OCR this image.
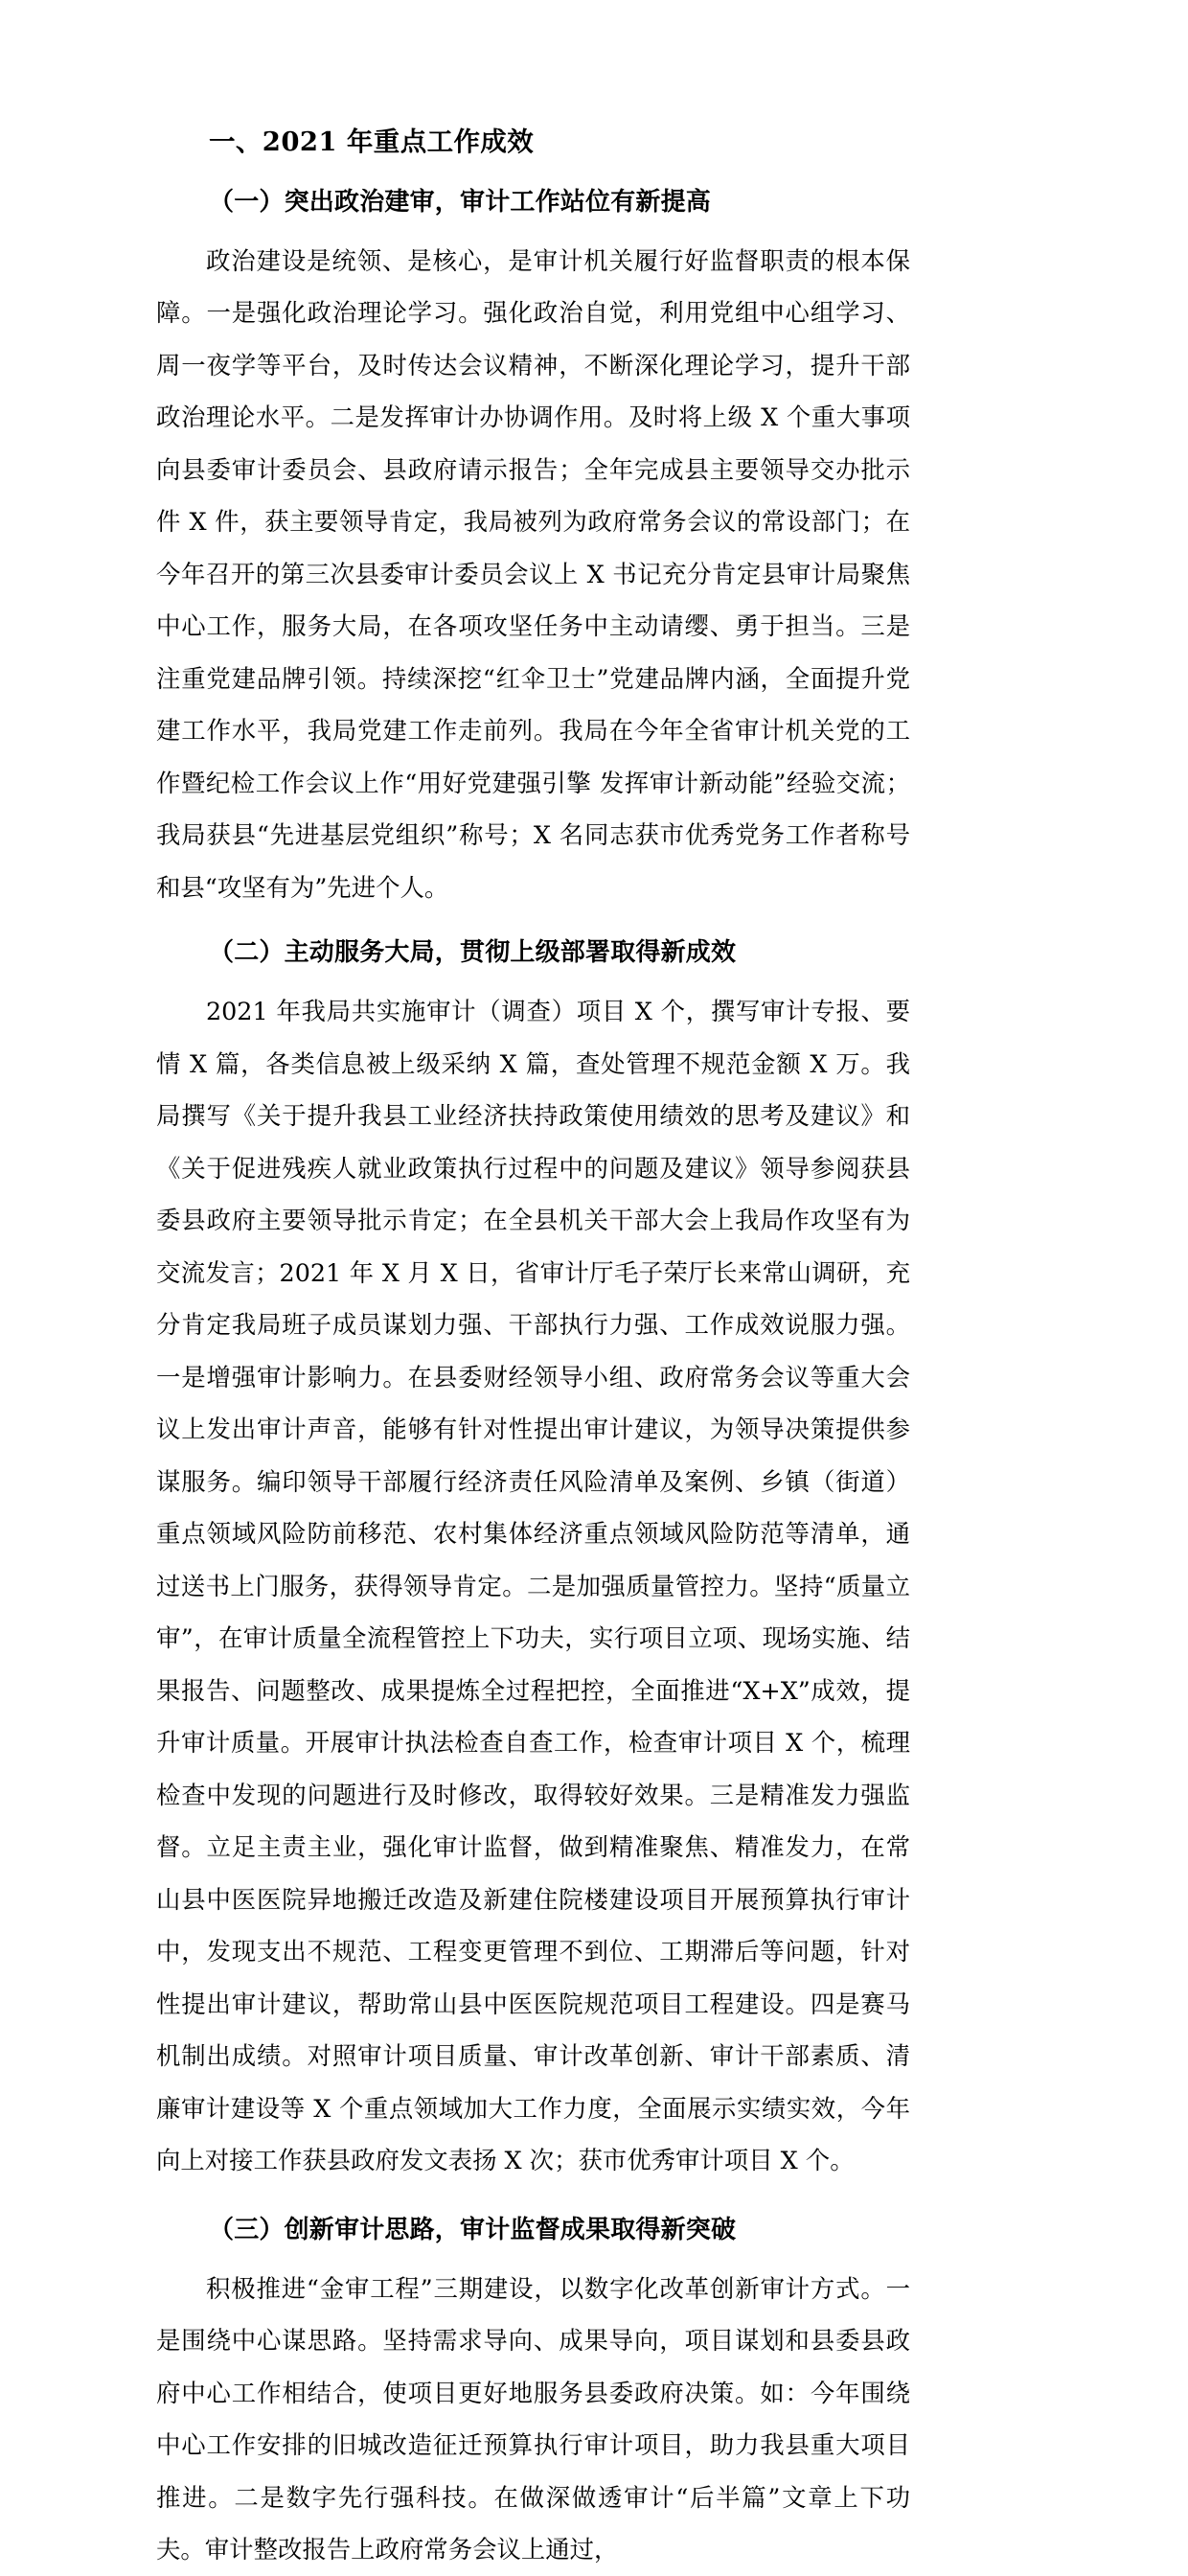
一、2021 年重点工作成效
（一）突出政治建审，审计工作站位有新提高

政治建设是统领、是核心，是审计机关履行好监督职责的根本保障。一是强化政治理论学习。强化政治自觉，利用党组中心组学习、周一夜学等平台，及时传达会议精神，不断深化理论学习，提升干部政治理论水平。二是发挥审计办协调作用。及时将上级 X 个重大事项向县委审计委员会、县政府请示报告；全年完成县主要领导交办批示件 X 件，获主要领导肯定，我局被列为政府常务会议的常设部门；在今年召开的第三次县委审计委员会议上 X 书记充分肯定县审计局聚焦中心工作，服务大局，在各项攻坚任务中主动请缨、勇于担当。三是注重党建品牌引领。持续深挖“红伞卫士”党建品牌内涵，全面提升党建工作水平，我局党建工作走前列。我局在今年全省审计机关党的工作暨纪检工作会议上作“用好党建强引擎 发挥审计新动能”经验交流；我局获县“先进基层党组织”称号；X 名同志获市优秀党务工作者称号和县“攻坚有为”先进个人。

（二）主动服务大局，贯彻上级部署取得新成效

2021 年我局共实施审计（调查）项目 X 个，撰写审计专报、要情 X 篇，各类信息被上级采纳 X 篇，查处管理不规范金额 X 万。我局撰写《关于提升我县工业经济扶持政策使用绩效的思考及建议》和《关于促进残疾人就业政策执行过程中的问题及建议》领导参阅获县委县政府主要领导批示肯定；在全县机关干部大会上我局作攻坚有为交流发言；2021 年 X 月 X 日，省审计厅毛子荣厅长来常山调研，充分肯定我局班子成员谋划力强、干部执行力强、工作成效说服力强。一是增强审计影响力。在县委财经领导小组、政府常务会议等重大会议上发出审计声音，能够有针对性提出审计建议，为领导决策提供参谋服务。编印领导干部履行经济责任风险清单及案例、乡镇（街道）重点领域风险防前移范、农村集体经济重点领域风险防范等清单，通过送书上门服务，获得领导肯定。二是加强质量管控力。坚持“质量立审”，在审计质量全流程管控上下功夫，实行项目立项、现场实施、结果报告、问题整改、成果提炼全过程把控，全面推进“X+X”成效，提升审计质量。开展审计执法检查自查工作，检查审计项目 X 个，梳理检查中发现的问题进行及时修改，取得较好效果。三是精准发力强监督。立足主责主业，强化审计监督，做到精准聚焦、精准发力，在常山县中医医院异地搬迁改造及新建住院楼建设项目开展预算执行审计中，发现支出不规范、工程变更管理不到位、工期滞后等问题，针对性提出审计建议，帮助常山县中医医院规范项目工程建设。四是赛马机制出成绩。对照审计项目质量、审计改革创新、审计干部素质、清廉审计建设等 X 个重点领域加大工作力度，全面展示实绩实效，今年向上对接工作获县政府发文表扬 X 次；获市优秀审计项目 X 个。

（三）创新审计思路，审计监督成果取得新突破

积极推进“金审工程”三期建设，以数字化改革创新审计方式。一是围绕中心谋思路。坚持需求导向、成果导向，项目谋划和县委县政府中心工作相结合，使项目更好地服务县委政府决策。如：今年围绕中心工作安排的旧城改造征迁预算执行审计项目，助力我县重大项目推进。二是数字先行强科技。在做深做透审计“后半篇”文章上下功夫。审计整改报告上政府常务会议上通过，
